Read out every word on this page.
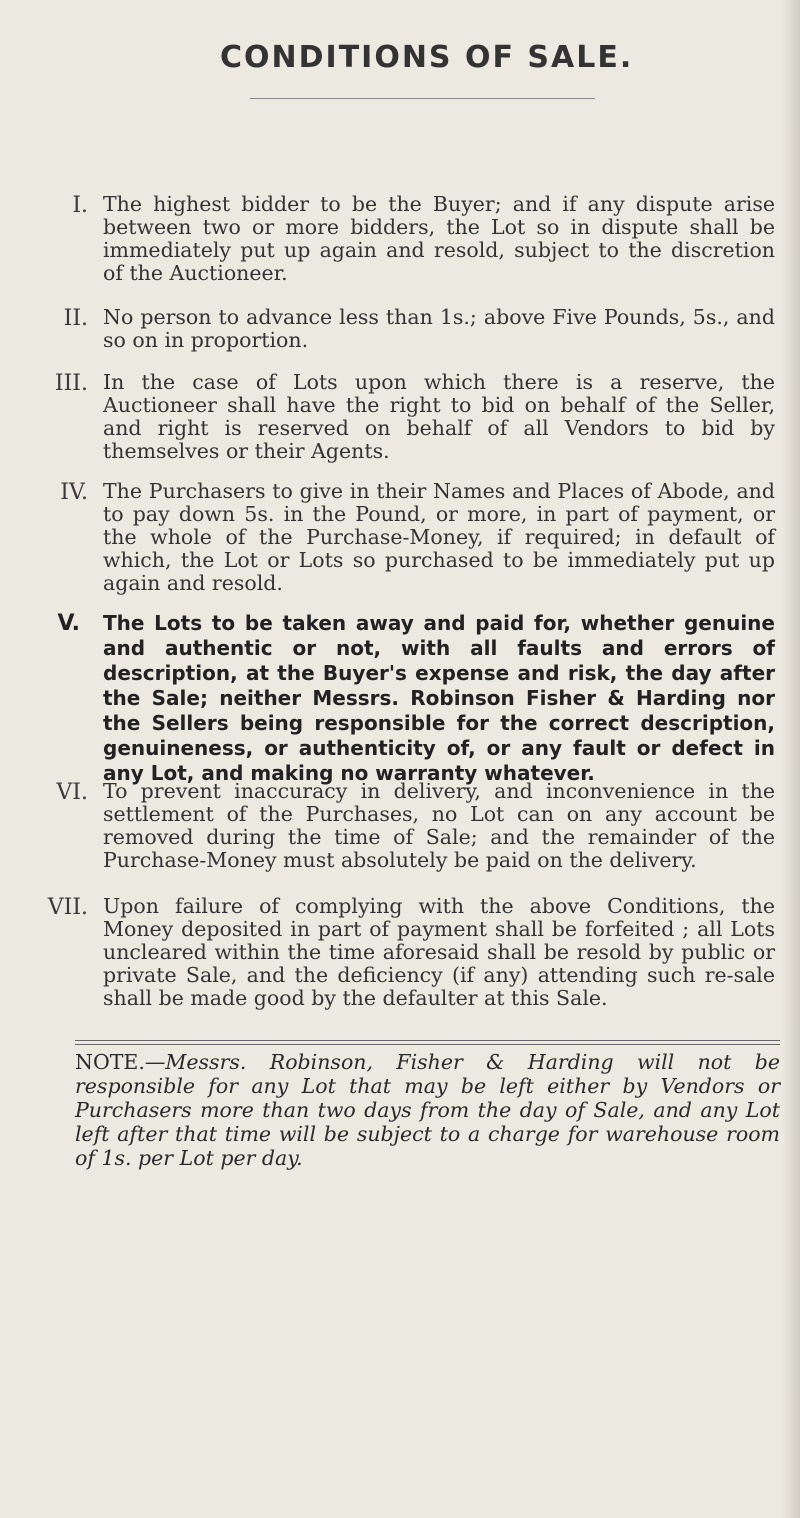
CONDITIONS OF SALE.
I. The highest bidder to be the Buyer; and if any dispute arise between two or more bidders, the Lot so in dispute shall be immediately put up again and resold, subject to the discretion of the Auctioneer.
II. No person to advance less than 1s.; above Five Pounds, 5s., and so on in proportion.
III. In the case of Lots upon which there is a reserve, the Auctioneer shall have the right to bid on behalf of the Seller, and right is reserved on behalf of all Vendors to bid by themselves or their Agents.
IV. The Purchasers to give in their Names and Places of Abode, and to pay down 5s. in the Pound, or more, in part of payment, or the whole of the Purchase-Money, if required; in default of which, the Lot or Lots so purchased to be immediately put up again and resold.
V. The Lots to be taken away and paid for, whether genuine and authentic or not, with all faults and errors of description, at the Buyer's expense and risk, the day after the Sale; neither Messrs. Robinson Fisher & Harding nor the Sellers being responsible for the correct description, genuineness, or authenticity of, or any fault or defect in any Lot, and making no warranty whatever.
VI. To prevent inaccuracy in delivery, and inconvenience in the settlement of the Purchases, no Lot can on any account be removed during the time of Sale; and the remainder of the Purchase-Money must absolutely be paid on the delivery.
VII. Upon failure of complying with the above Conditions, the Money deposited in part of payment shall be forfeited ; all Lots uncleared within the time aforesaid shall be resold by public or private Sale, and the deficiency (if any) attending such re-sale shall be made good by the defaulter at this Sale.
NOTE.—Messrs. Robinson, Fisher & Harding will not be responsible for any Lot that may be left either by Vendors or Purchasers more than two days from the day of Sale, and any Lot left after that time will be subject to a charge for warehouse room of 1s. per Lot per day.
